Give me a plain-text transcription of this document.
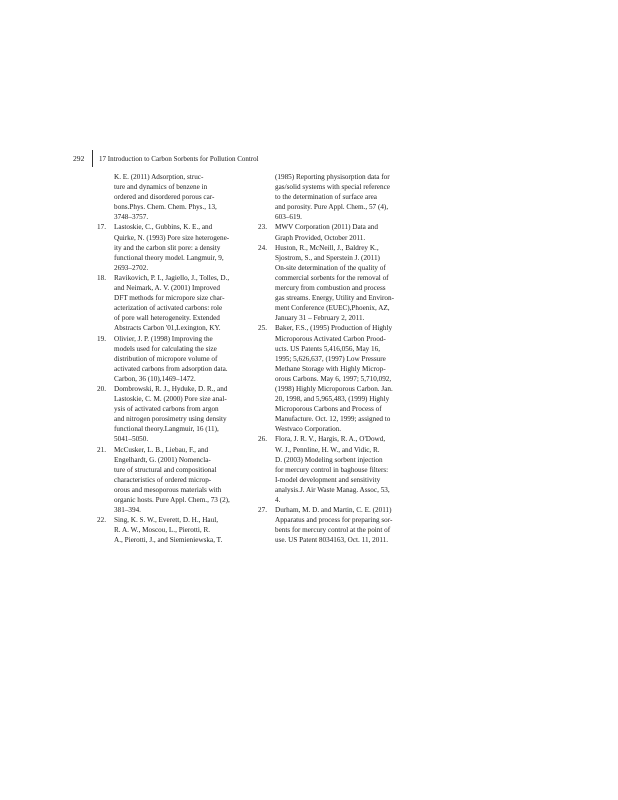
292 17 Introduction to Carbon Sorbents for Pollution Control
K. E. (2011) Adsorption, struc-
ture and dynamics of benzene in
ordered and disordered porous car-
bons.Phys. Chem. Chem. Phys., 13,
3748–3757.
17.	Lastoskie, C., Gubbins, K. E., and
Quirke, N. (1993) Pore size heterogene-
ity and the carbon slit pore: a density
functional theory model. Langmuir, 9,
2693–2702.
18.	Ravikovich, P. I., Jagiello, J., Tolles, D.,
and Neimark, A. V. (2001) Improved
DFT methods for micropore size char-
acterization of activated carbons: role
of pore wall heterogeneity. Extended
Abstracts Carbon '01,Lexington, KY.
19.	Olivier, J. P. (1998) Improving the
models used for calculating the size
distribution of micropore volume of
activated carbons from adsorption data.
Carbon, 36 (10),1469–1472.
20.	Dombrowski, R. J., Hyduke, D. R., and
Lastoskie, C. M. (2000) Pore size anal-
ysis of activated carbons from argon
and nitrogen porosimetry using density
functional theory.Langmuir, 16 (11),
5041–5050.
21.	McCusker, L. B., Liebau, F., and
Engelhardt, G. (2001) Nomencla-
ture of structural and compositional
characteristics of ordered microp-
orous and mesoporous materials with
organic hosts. Pure Appl. Chem., 73 (2),
381–394.
22.	Sing, K. S. W., Everett, D. H., Haul,
R. A. W., Moscou, L., Pierotti, R.
A., Pierotti, J., and Siemieniewska, T.
(1985) Reporting physisorption data for
gas/solid systems with special reference
to the determination of surface area
and porosity. Pure Appl. Chem., 57 (4),
603–619.
23.	MWV Corporation (2011) Data and
Graph Provided, October 2011.
24.	Huston, R., McNeill, J., Baldrey K.,
Sjostrom, S., and Sperstein J. (2011)
On-site determination of the quality of
commercial sorbents for the removal of
mercury from combustion and process
gas streams. Energy, Utility and Environ-
ment Conference (EUEC),Phoenix, AZ,
January 31 – February 2, 2011.
25.	Baker, F.S., (1995) Production of Highly
Microporous Activated Carbon Prood-
ucts. US Patents 5,416,056, May 16,
1995; 5,626,637, (1997) Low Pressure
Methane Storage with Highly Microp-
orous Carbons. May 6, 1997; 5,710,092,
(1998) Highly Microporous Carbon. Jan.
20, 1998, and 5,965,483, (1999) Highly
Microporous Carbons and Process of
Manufacture. Oct. 12, 1999; assigned to
Westvaco Corporation.
26.	Flora, J. R. V., Hargis, R. A., O'Dowd,
W. J., Pennline, H. W., and Vidic, R.
D. (2003) Modeling sorbent injection
for mercury control in baghouse filters:
I-model development and sensitivity
analysis.J. Air Waste Manag. Assoc, 53,
4.
27.	Durham, M. D. and Martin, C. E. (2011)
Apparatus and process for preparing sor-
bents for mercury control at the point of
use. US Patent 8034163, Oct. 11, 2011.
